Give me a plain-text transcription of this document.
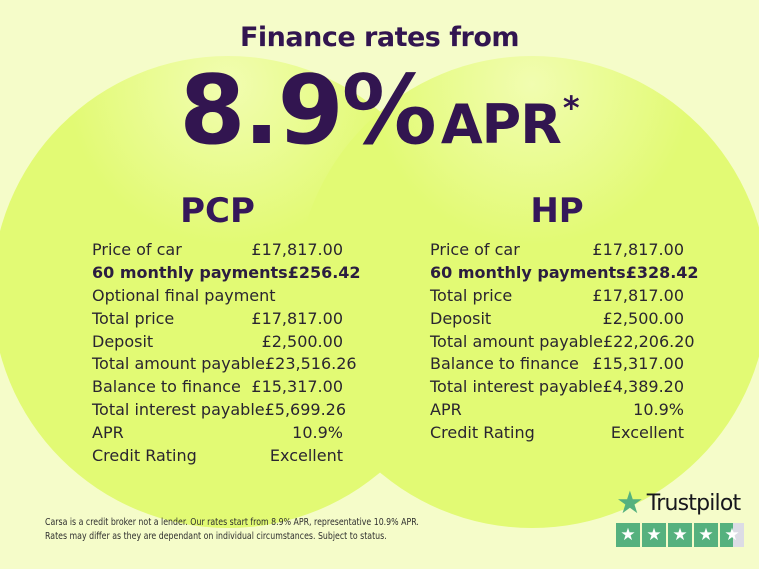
Finance rates from
8.9% APR *
PCP
Price of car	£17,817.00
60 monthly payments £256.42
Optional final payment
Total price	£17,817.00
Deposit	£2,500.00
Total amount payable £23,516.26
Balance to finance £15,317.00
Total interest payable £5,699.26
APR	10.9%
Credit Rating	Excellent
HP
Price of car	£17,817.00
60 monthly payments £328.42
Total price	£17,817.00
Deposit	£2,500.00
Total amount payable £22,206.20
Balance to finance £15,317.00
Total interest payable £4,389.20
APR	10.9%
Credit Rating	Excellent
Carsa is a credit broker not a lender. Our rates start from 8.9% APR, representative 10.9% APR.
Rates may differ as they are dependant on individual circumstances. Subject to status.
★ Trustpilot
★ ★ ★ ★ ★
